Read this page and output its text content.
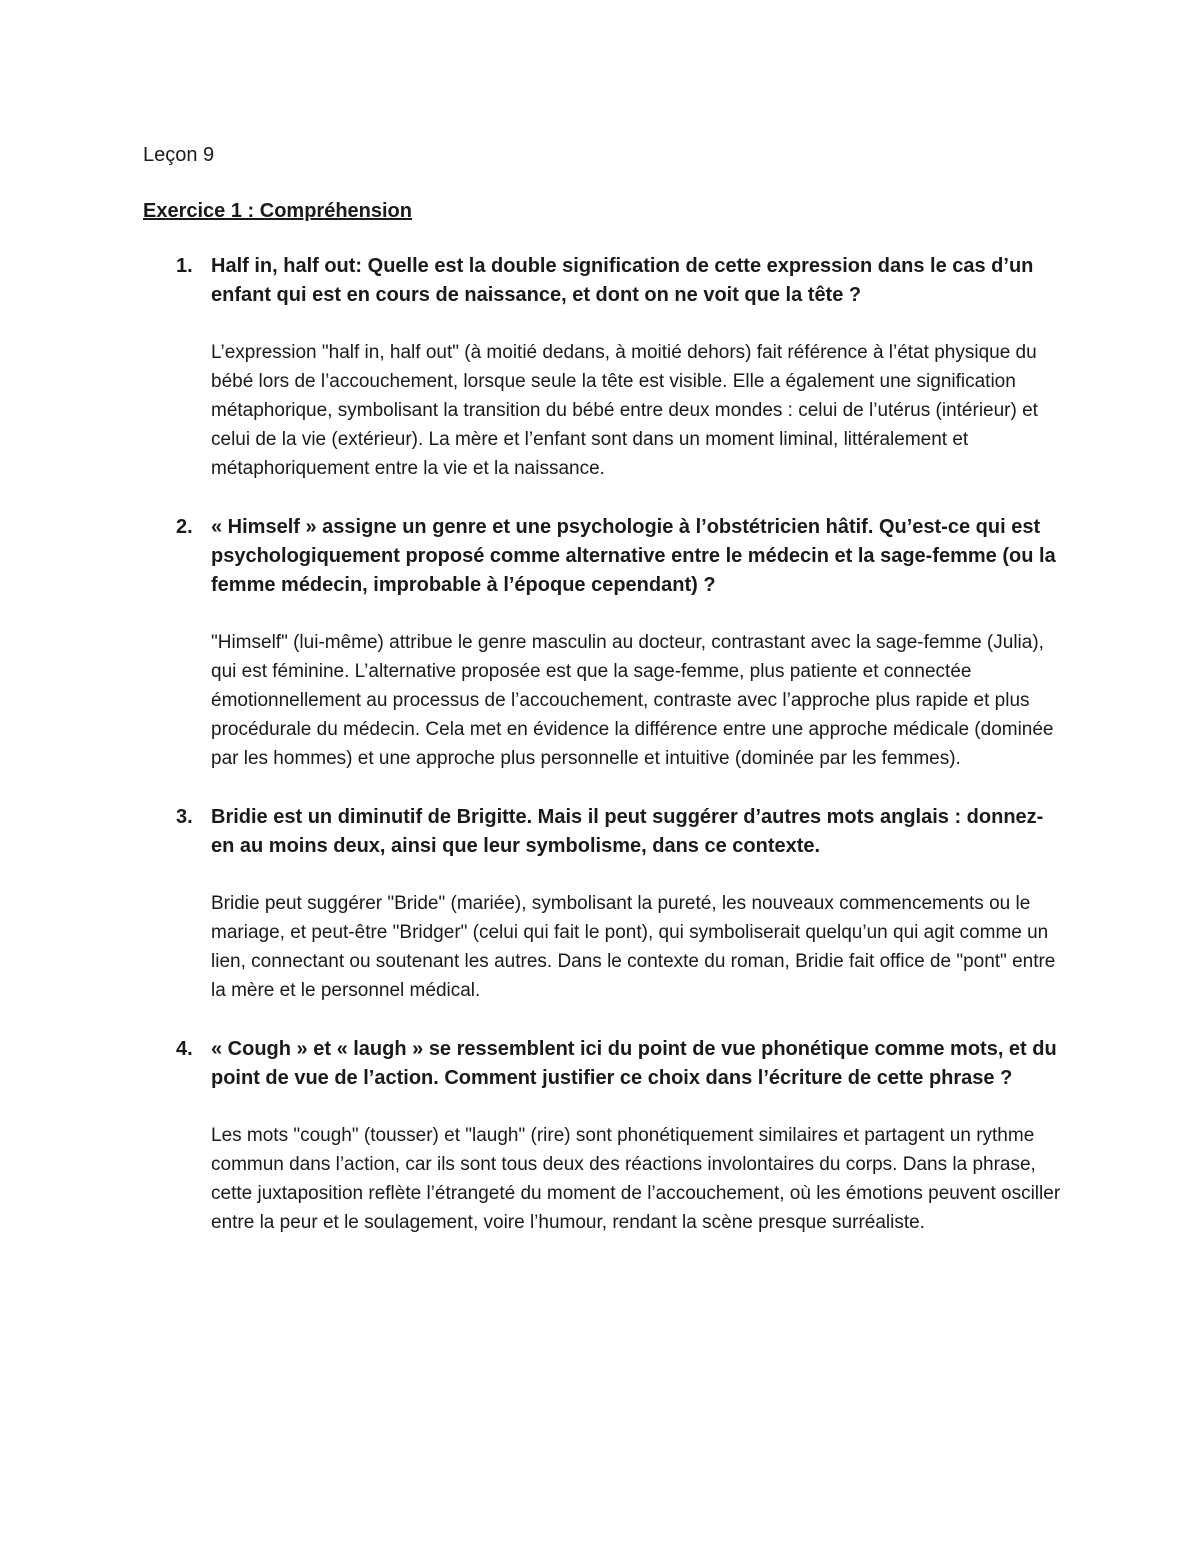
Leçon 9
Exercice 1 : Compréhension
1. Half in, half out: Quelle est la double signification de cette expression dans le cas d’un enfant qui est en cours de naissance, et dont on ne voit que la tête ?

L’expression "half in, half out" (à moitié dedans, à moitié dehors) fait référence à l’état physique du bébé lors de l’accouchement, lorsque seule la tête est visible. Elle a également une signification métaphorique, symbolisant la transition du bébé entre deux mondes : celui de l’utérus (intérieur) et celui de la vie (extérieur). La mère et l’enfant sont dans un moment liminal, littéralement et métaphoriquement entre la vie et la naissance.

2. « Himself » assigne un genre et une psychologie à l’obstétricien hâtif. Qu’est-ce qui est psychologiquement proposé comme alternative entre le médecin et la sage-femme (ou la femme médecin, improbable à l’époque cependant) ?

"Himself" (lui-même) attribue le genre masculin au docteur, contrastant avec la sage-femme (Julia), qui est féminine. L’alternative proposée est que la sage-femme, plus patiente et connectée émotionnellement au processus de l’accouchement, contraste avec l’approche plus rapide et plus procédurale du médecin. Cela met en évidence la différence entre une approche médicale (dominée par les hommes) et une approche plus personnelle et intuitive (dominée par les femmes).

3. Bridie est un diminutif de Brigitte. Mais il peut suggérer d’autres mots anglais : donnez-en au moins deux, ainsi que leur symbolisme, dans ce contexte.

Bridie peut suggérer "Bride" (mariée), symbolisant la pureté, les nouveaux commencements ou le mariage, et peut-être "Bridger" (celui qui fait le pont), qui symboliserait quelqu’un qui agit comme un lien, connectant ou soutenant les autres. Dans le contexte du roman, Bridie fait office de "pont" entre la mère et le personnel médical.

4. « Cough » et « laugh » se ressemblent ici du point de vue phonétique comme mots, et du point de vue de l’action. Comment justifier ce choix dans l’écriture de cette phrase ?

Les mots "cough" (tousser) et "laugh" (rire) sont phonétiquement similaires et partagent un rythme commun dans l’action, car ils sont tous deux des réactions involontaires du corps. Dans la phrase, cette juxtaposition reflète l’étrangeté du moment de l’accouchement, où les émotions peuvent osciller entre la peur et le soulagement, voire l’humour, rendant la scène presque surréaliste.
